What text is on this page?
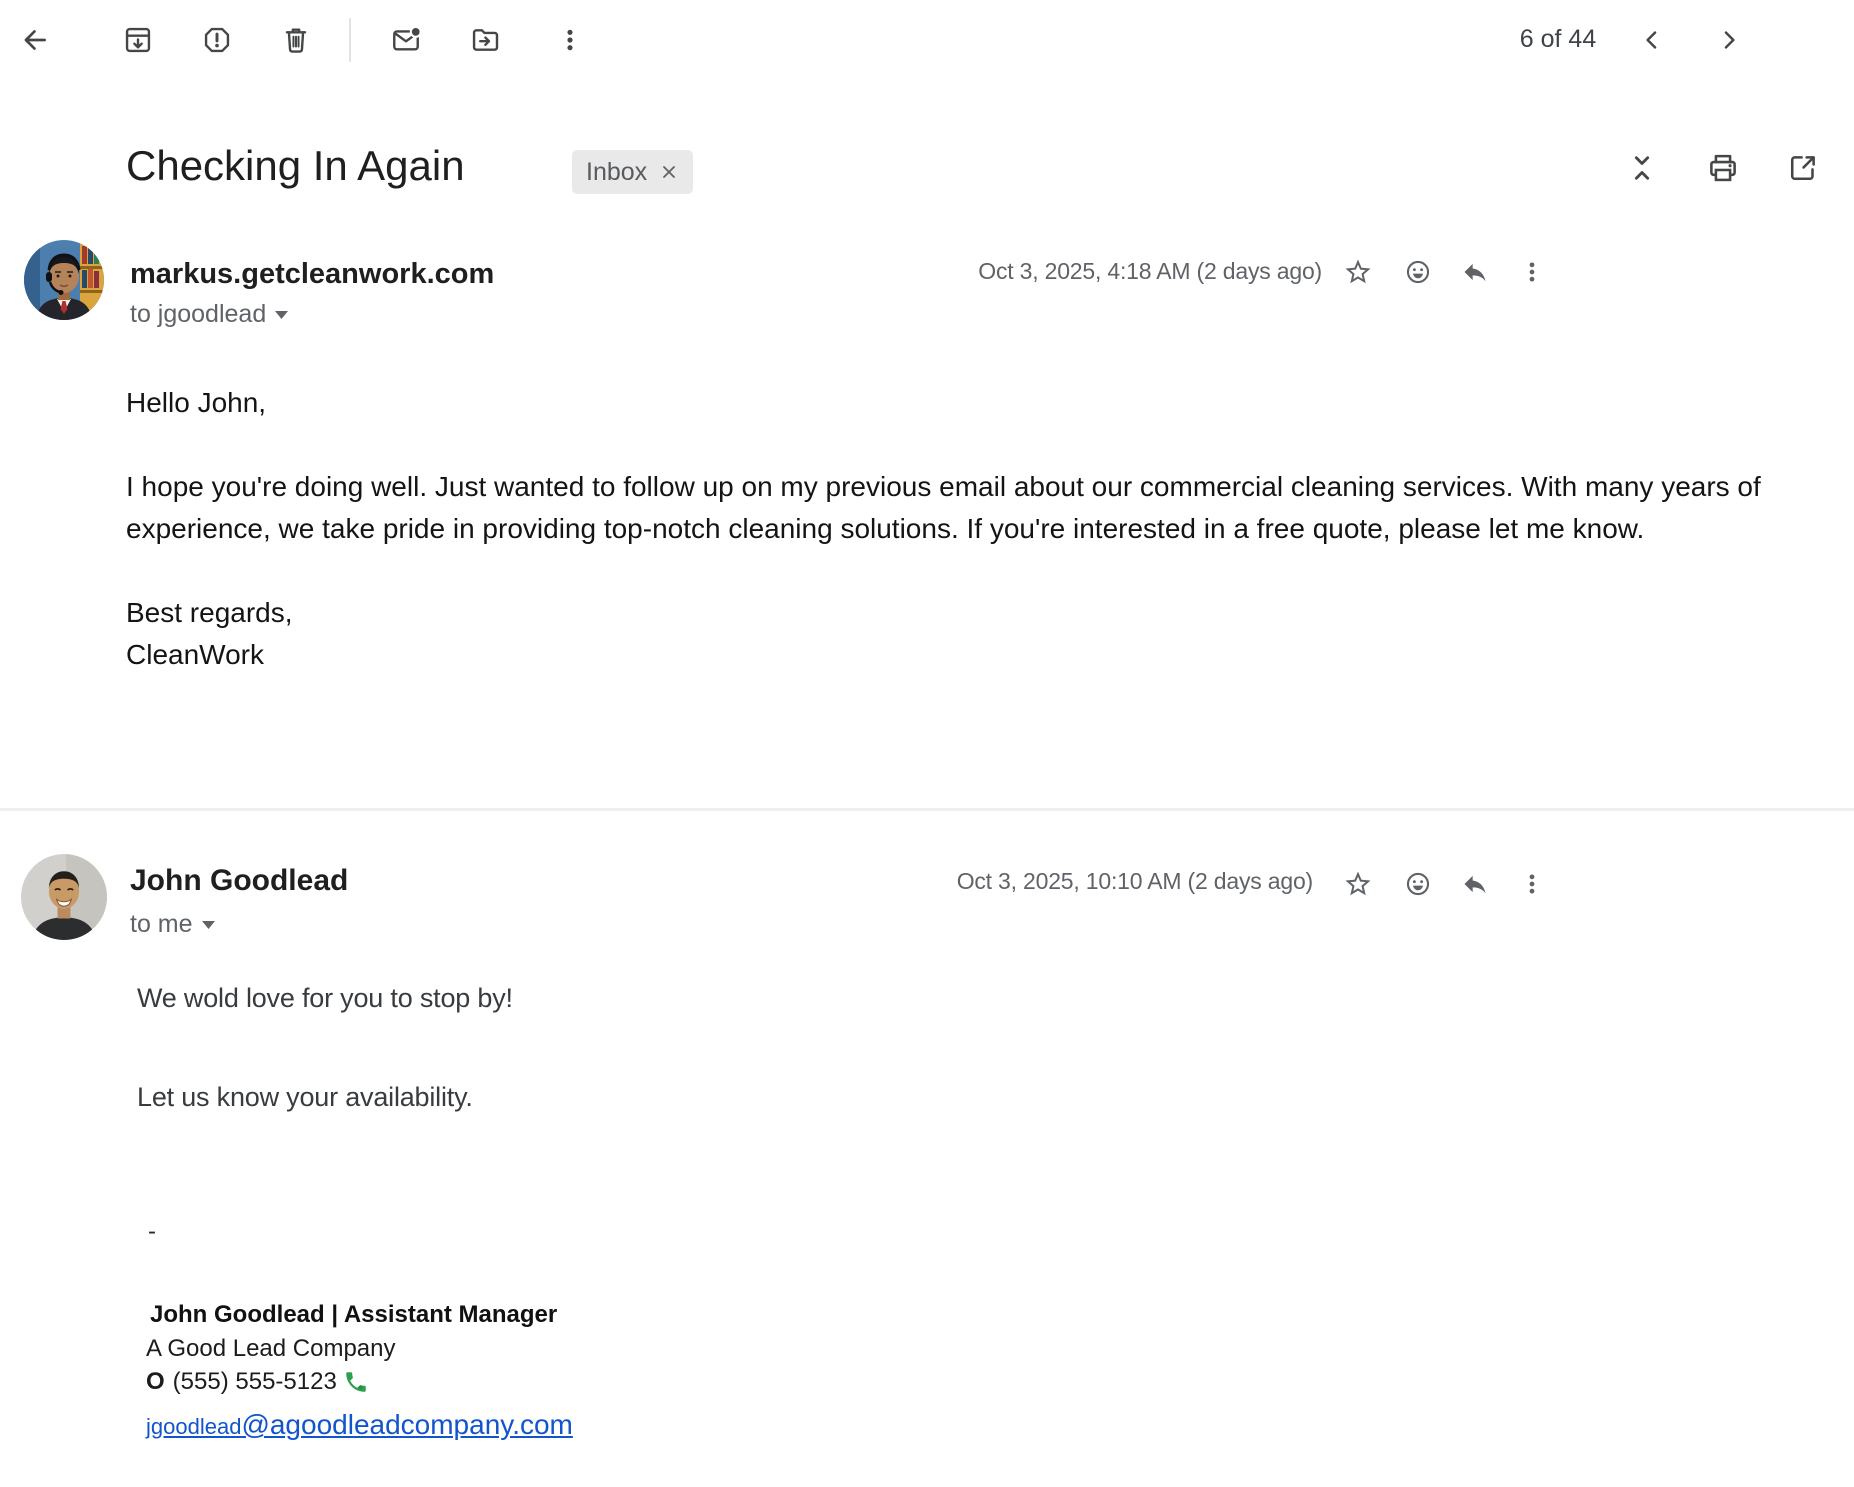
6 of 44
Checking In Again	Inbox
markus.getcleanwork.com
to jgoodlead
Oct 3, 2025, 4:18 AM (2 days ago)

Hello John,

I hope you're doing well. Just wanted to follow up on my previous email about our commercial cleaning services. With many years of experience, we take pride in providing top-notch cleaning solutions. If you're interested in a free quote, please let me know.

Best regards,

CleanWork

John Goodlead
to me
Oct 3, 2025, 10:10 AM (2 days ago)

We wold love for you to stop by!

Let us know your availability.

-
John Goodlead | Assistant Manager
A Good Lead Company
O (555) 555-5123
jgoodlead@agoodleadcompany.com
